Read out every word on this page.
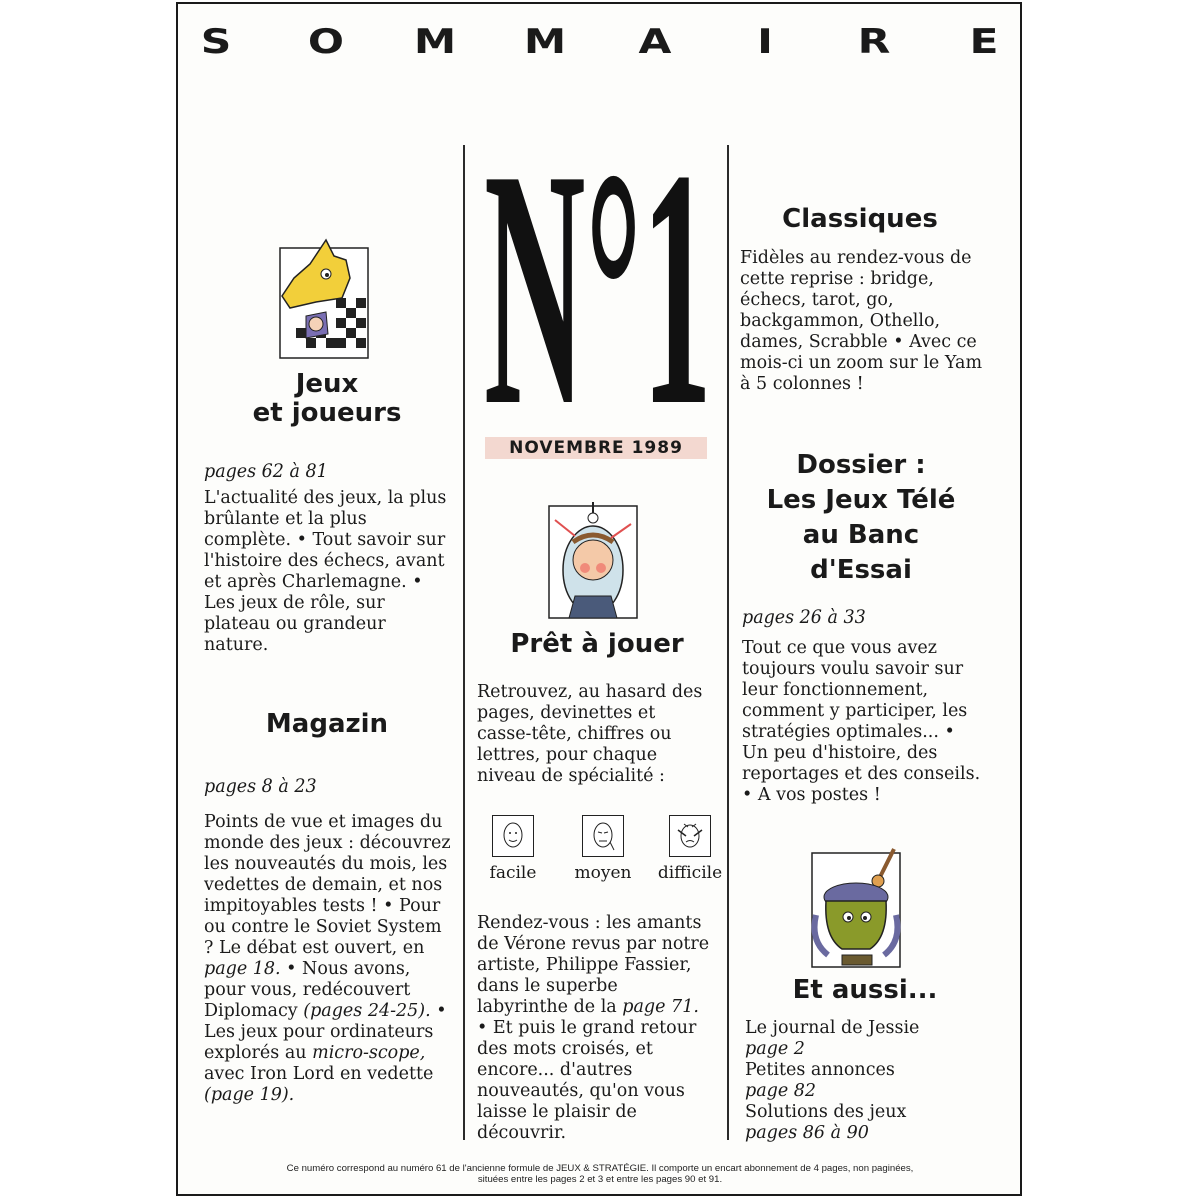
S O M M A	I	R	E
N°1
NOVEMBRE 1989
Jeux
et joueurs
pages 62 à 81

L'actualité des jeux, la plus brûlante et la plus complète. • Tout savoir sur l'histoire des échecs, avant et après Charlemagne. • Les jeux de rôle, sur plateau ou grandeur nature.

Magazin
pages 8 à 23

Points de vue et images du monde des jeux : découvrez les nouveautés du mois, les vedettes de demain, et nos impitoyables tests ! • Pour ou contre le Soviet System ? Le débat est ouvert, en page 18. • Nous avons, pour vous, redécouvert Diplomacy (pages 24-25). • Les jeux pour ordinateurs explorés au micro-scope, avec Iron Lord en vedette (page 19).

Prêt à jouer

Retrouvez, au hasard des pages, devinettes et casse-tête, chiffres ou lettres, pour chaque niveau de spécialité :

facile	moyen	difficile

Rendez-vous : les amants de Vérone revus par notre artiste, Philippe Fassier, dans le superbe labyrinthe de la page 71. • Et puis le grand retour des mots croisés, et encore... d'autres nouveautés, qu'on vous laisse le plaisir de découvrir.

Classiques

Fidèles au rendez-vous de cette reprise : bridge, échecs, tarot, go, backgammon, Othello, dames, Scrabble • Avec ce mois-ci un zoom sur le Yam à 5 colonnes !

Dossier :
Les Jeux Télé
au Banc
d'Essai
pages 26 à 33

Tout ce que vous avez toujours voulu savoir sur leur fonctionnement, comment y participer, les stratégies optimales... • Un peu d'histoire, des reportages et des conseils. • A vos postes !

Et aussi...

Le journal de Jessie

page 2

Petites annonces

page 82

Solutions des jeux

pages 86 à 90

Ce numéro correspond au numéro 61 de l'ancienne formule de JEUX & STRATÉGIE. Il comporte un encart abonnement de 4 pages, non paginées,
situées entre les pages 2 et 3 et entre les pages 90 et 91.
